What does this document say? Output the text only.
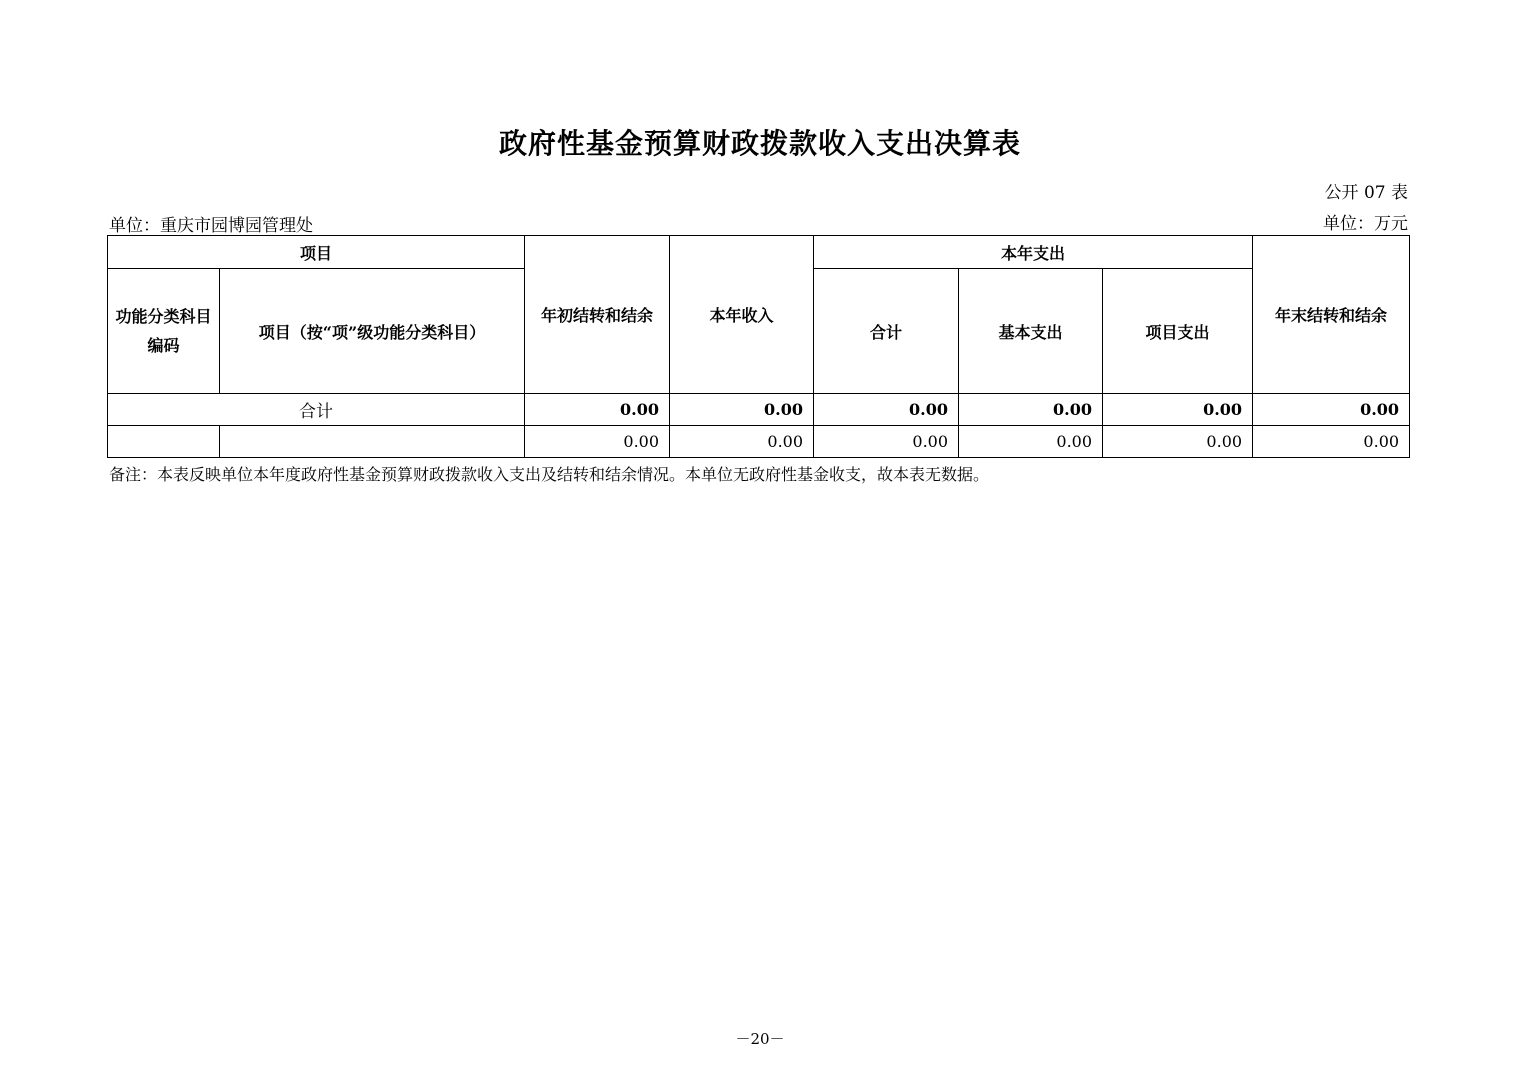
政府性基金预算财政拨款收入支出决算表
公开 07 表
单位：重庆市园博园管理处	单位：万元
项目		年初结转和结余	本年收入	本年支出			年末结转和结余
功能分类科目编码	项目（按“项”级功能分类科目）			合计	基本支出	项目支出	
合计		0.00	0.00	0.00	0.00	0.00	0.00
		0.00	0.00	0.00	0.00	0.00	0.00
备注：本表反映单位本年度政府性基金预算财政拨款收入支出及结转和结余情况。本单位无政府性基金收支，故本表无数据。
－20－
